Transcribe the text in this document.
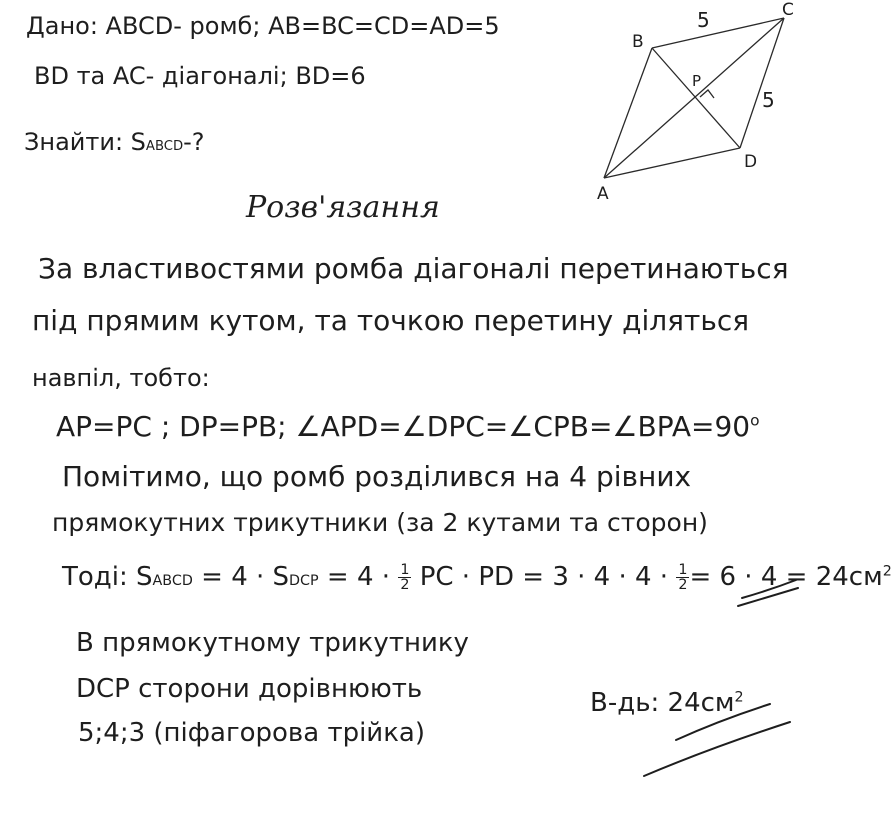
Дано: ABCD- ромб; AB=BC=CD=AD=5
BD та AC- діагоналі; BD=6
Знайти: SABCD-?
B
C
D
A
P
5
5
Розв'язання
За властивостями ромба діагоналі перетинаються
під прямим кутом, та точкою перетину діляться
навпіл, тобто:
AP=PC ; DP=PB; $\angle APD=\angle DPC=\angle CPB=\angle BPA=90^o$
Помітимо, що ромб розділився на 4 рівних
прямокутних трикутники (за 2 кутами та сторон)
Тоді: SABCD = 4 · SDCP = $4 \cdot \frac{1}{2}$ PC · PD = $3 \cdot 4 \cdot 4 \cdot \frac{1}{2} = 6 \cdot 4 = 24см^2$
В прямокутному трикутнику
DCP сторони дорівнюють
5;4;3 (піфагорова трійка)
В-дь: $24см^2$
